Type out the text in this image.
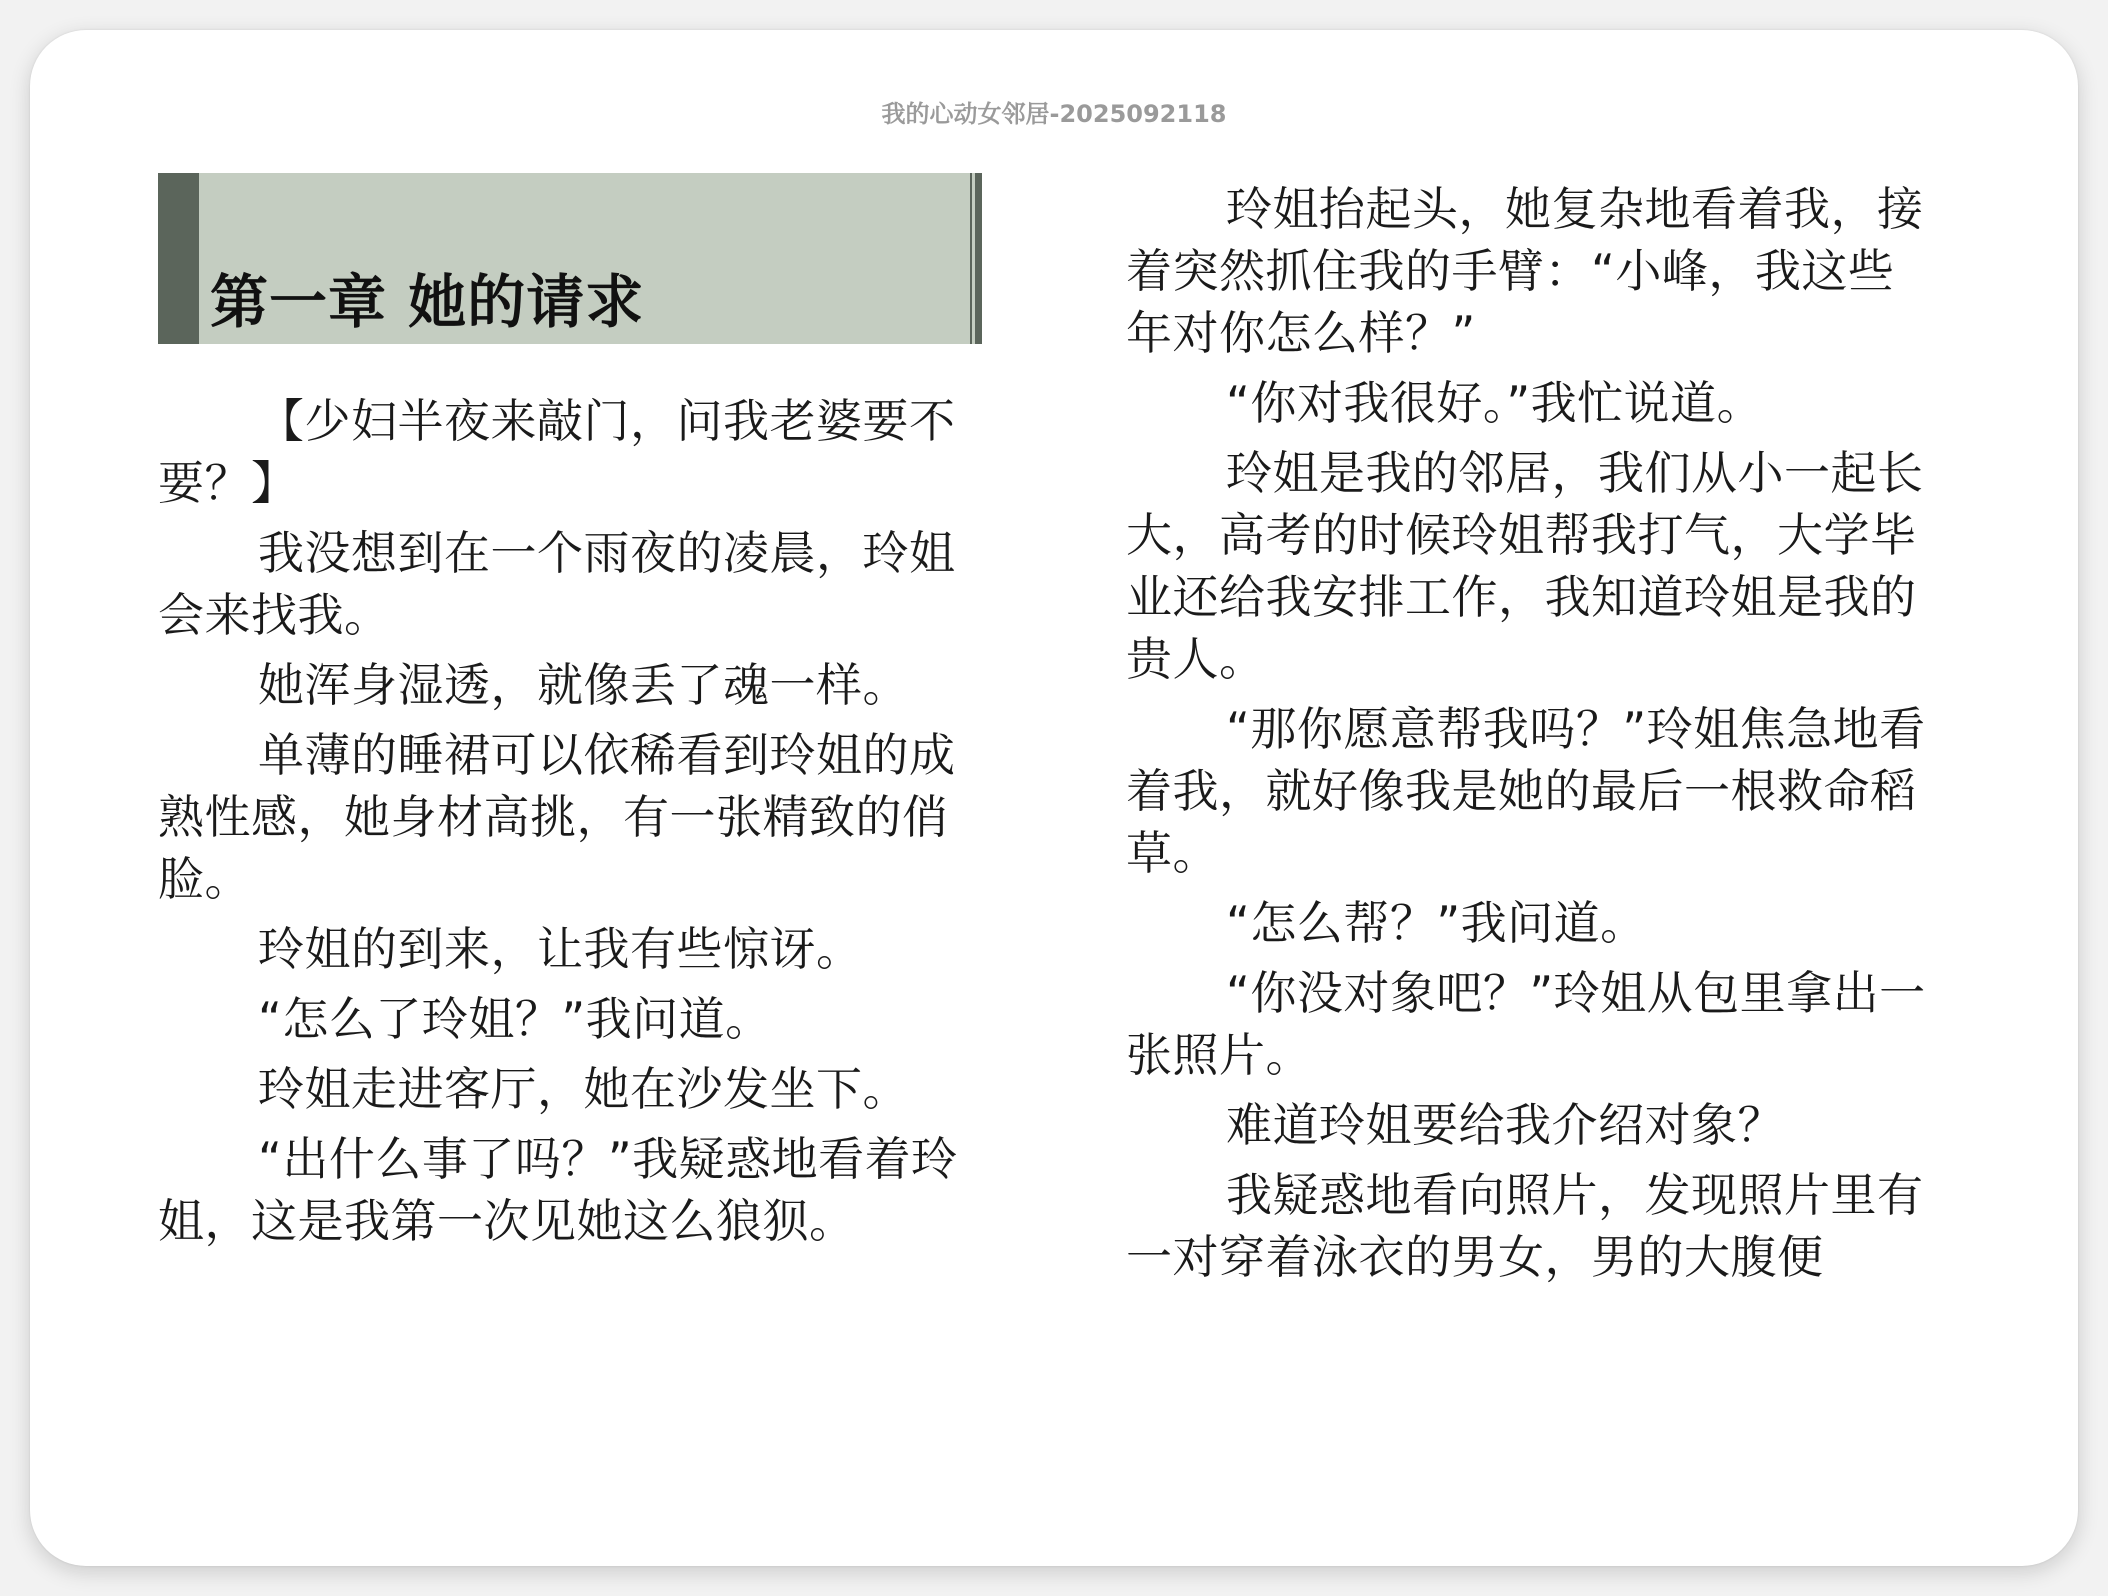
我的心动女邻居-2025092118
第一章 她的请求

【少妇半夜来敲门，问我老婆要不要？】

我没想到在一个雨夜的凌晨，玲姐会来找我。

她浑身湿透，就像丢了魂一样。

单薄的睡裙可以依稀看到玲姐的成熟性感，她身材高挑，有一张精致的俏脸。

玲姐的到来，让我有些惊讶。

“怎么了玲姐？”我问道。

玲姐走进客厅，她在沙发坐下。

“出什么事了吗？”我疑惑地看着玲姐，这是我第一次见她这么狼狈。

玲姐抬起头，她复杂地看着我，接着突然抓住我的手臂：“小峰，我这些年对你怎么样？”

“你对我很好。”我忙说道。

玲姐是我的邻居，我们从小一起长大，高考的时候玲姐帮我打气，大学毕业还给我安排工作，我知道玲姐是我的贵人。

“那你愿意帮我吗？”玲姐焦急地看着我，就好像我是她的最后一根救命稻草。

“怎么帮？”我问道。

“你没对象吧？”玲姐从包里拿出一张照片。

难道玲姐要给我介绍对象？

我疑惑地看向照片，发现照片里有一对穿着泳衣的男女，男的大腹便
